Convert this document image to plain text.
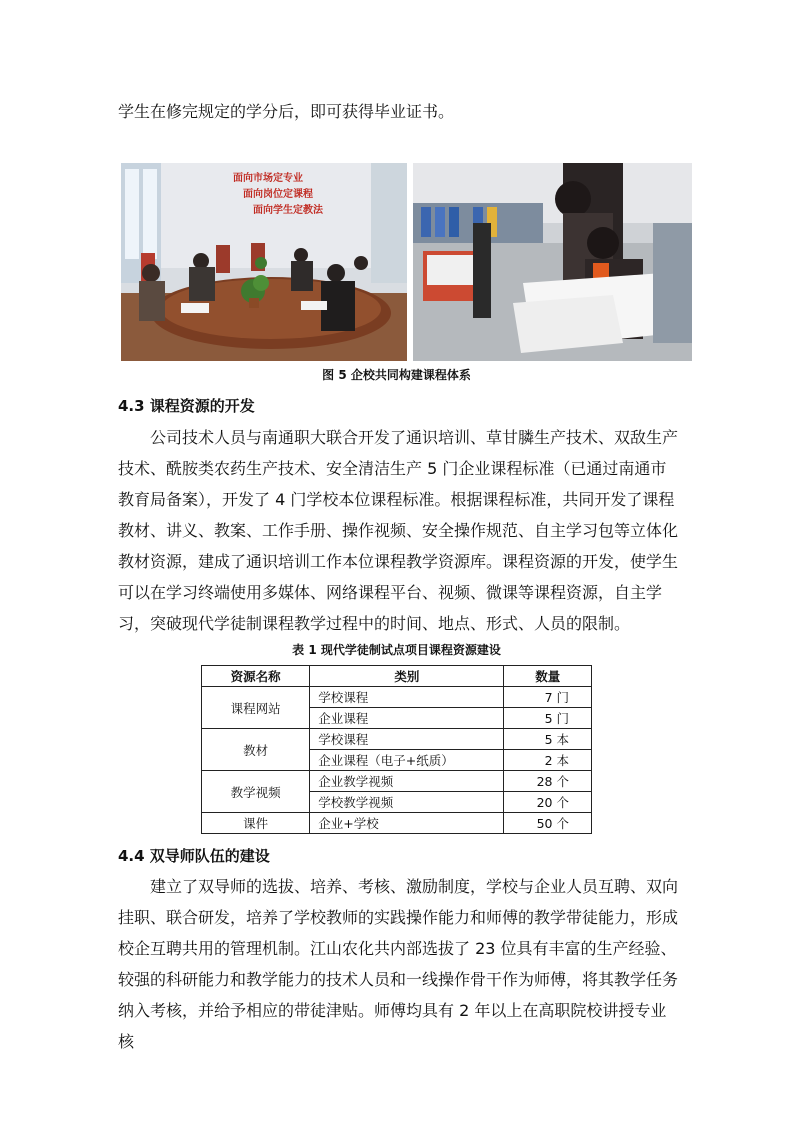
学生在修完规定的学分后，即可获得毕业证书。

面向市场定专业
面向岗位定课程
面向学生定教法
图 5 企校共同构建课程体系
4.3 课程资源的开发

公司技术人员与南通职大联合开发了通识培训、草甘膦生产技术、双敌生产技术、酰胺类农药生产技术、安全清洁生产 5 门企业课程标准（已通过南通市教育局备案），开发了 4 门学校本位课程标准。根据课程标准，共同开发了课程教材、讲义、教案、工作手册、操作视频、安全操作规范、自主学习包等立体化教材资源，建成了通识培训工作本位课程教学资源库。课程资源的开发，使学生可以在学习终端使用多媒体、网络课程平台、视频、微课等课程资源，自主学习，突破现代学徒制课程教学过程中的时间、地点、形式、人员的限制。

表 1 现代学徒制试点项目课程资源建设
资源名称	类别	数量
课程网站	学校课程	7 门
	企业课程	5 门
教材	学校课程	5 本
	企业课程（电子+纸质）	2 本
教学视频	企业教学视频	28 个
	学校教学视频	20 个
课件	企业+学校	50 个
4.4 双导师队伍的建设

建立了双导师的选拔、培养、考核、激励制度，学校与企业人员互聘、双向挂职、联合研发，培养了学校教师的实践操作能力和师傅的教学带徒能力，形成校企互聘共用的管理机制。江山农化共内部选拔了 23 位具有丰富的生产经验、较强的科研能力和教学能力的技术人员和一线操作骨干作为师傅，将其教学任务纳入考核，并给予相应的带徒津贴。师傅均具有 2 年以上在高职院校讲授专业核
